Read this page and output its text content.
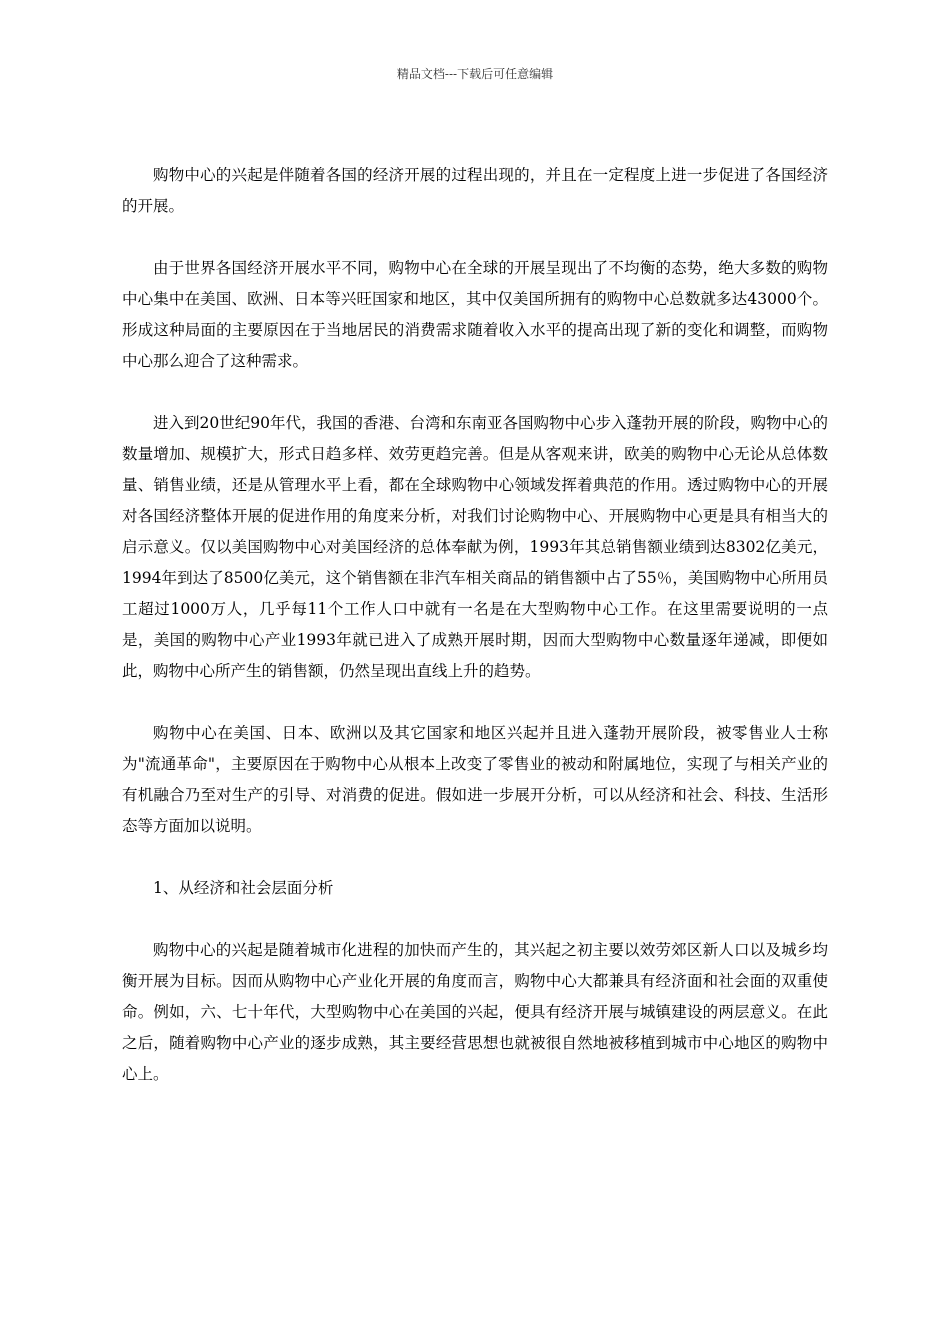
精品文档---下载后可任意编辑

购物中心的兴起是伴随着各国的经济开展的过程出现的，并且在一定程度上进一步促进了各国经济的开展。

由于世界各国经济开展水平不同，购物中心在全球的开展呈现出了不均衡的态势，绝大多数的购物中心集中在美国、欧洲、日本等兴旺国家和地区，其中仅美国所拥有的购物中心总数就多达43000个。形成这种局面的主要原因在于当地居民的消费需求随着收入水平的提高出现了新的变化和调整，而购物中心那么迎合了这种需求。

进入到20世纪90年代，我国的香港、台湾和东南亚各国购物中心步入蓬勃开展的阶段，购物中心的数量增加、规模扩大，形式日趋多样、效劳更趋完善。但是从客观来讲，欧美的购物中心无论从总体数量、销售业绩，还是从管理水平上看，都在全球购物中心领域发挥着典范的作用。透过购物中心的开展对各国经济整体开展的促进作用的角度来分析，对我们讨论购物中心、开展购物中心更是具有相当大的启示意义。仅以美国购物中心对美国经济的总体奉献为例，1993年其总销售额业绩到达8302亿美元，1994年到达了8500亿美元，这个销售额在非汽车相关商品的销售额中占了55％，美国购物中心所用员工超过1000万人，几乎每11个工作人口中就有一名是在大型购物中心工作。在这里需要说明的一点是，美国的购物中心产业1993年就已进入了成熟开展时期，因而大型购物中心数量逐年递减，即便如此，购物中心所产生的销售额，仍然呈现出直线上升的趋势。

购物中心在美国、日本、欧洲以及其它国家和地区兴起并且进入蓬勃开展阶段，被零售业人士称为"流通革命"，主要原因在于购物中心从根本上改变了零售业的被动和附属地位，实现了与相关产业的有机融合乃至对生产的引导、对消费的促进。假如进一步展开分析，可以从经济和社会、科技、生活形态等方面加以说明。

1、从经济和社会层面分析

购物中心的兴起是随着城市化进程的加快而产生的，其兴起之初主要以效劳郊区新人口以及城乡均衡开展为目标。因而从购物中心产业化开展的角度而言，购物中心大都兼具有经济面和社会面的双重使命。例如，六、七十年代，大型购物中心在美国的兴起，便具有经济开展与城镇建设的两层意义。在此之后，随着购物中心产业的逐步成熟，其主要经营思想也就被很自然地被移植到城市中心地区的购物中心上。
